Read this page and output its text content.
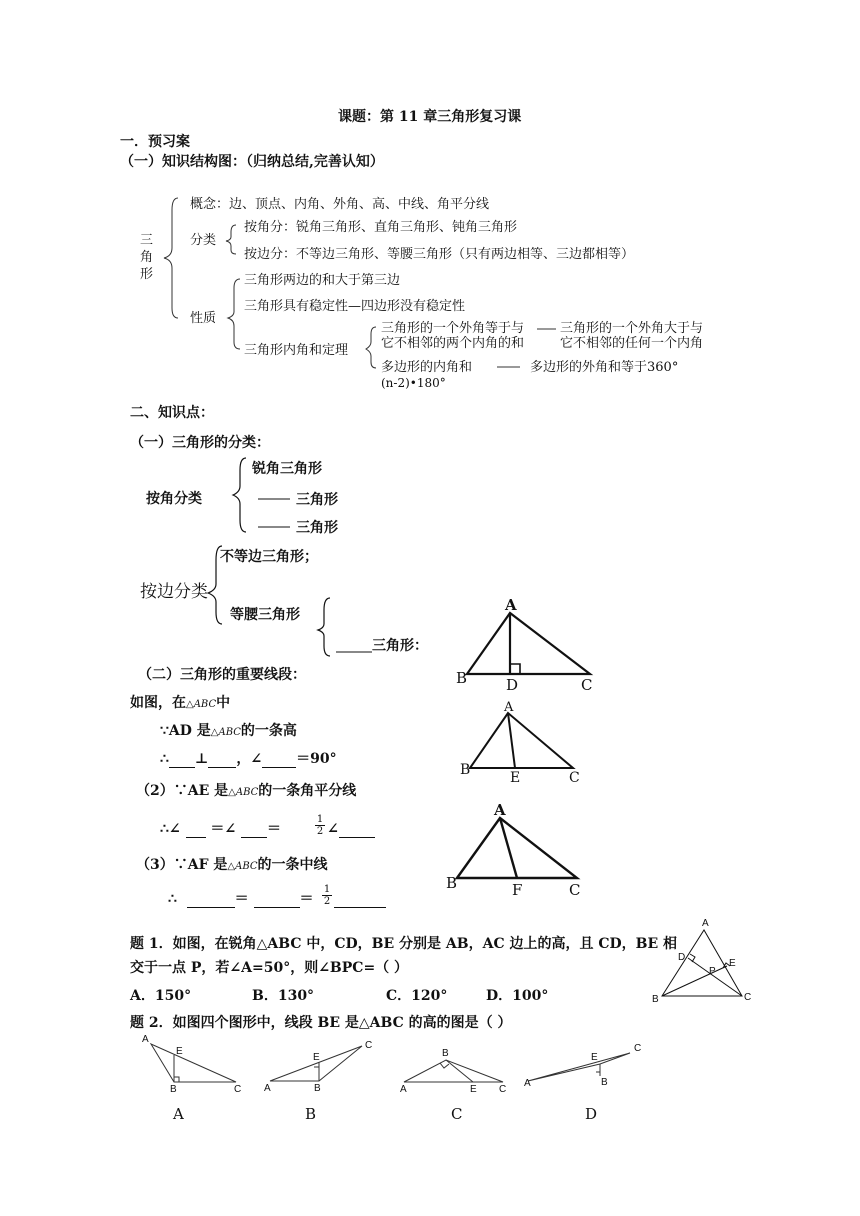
课题：第 11 章三角形复习课
一．预习案
（一）知识结构图：（归纳总结,完善认知）
三角形
概念：边、顶点、内角、外角、高、中线、角平分线
分类
按角分：锐角三角形、直角三角形、钝角三角形
按边分：不等边三角形、等腰三角形（只有两边相等、三边都相等）
性质
三角形两边的和大于第三边
三角形具有稳定性—四边形没有稳定性
三角形内角和定理
三角形的一个外角等于与
它不相邻的两个内角的和
三角形的一个外角大于与
它不相邻的任何一个内角
多边形的内角和
(n-2)•180°
多边形的外角和等于360°
二、知识点：
（一）三角形的分类：
按角分类
锐角三角形
三角形
三角形
按边分类
不等边三角形；
等腰三角形
三角形：
（二）三角形的重要线段：
如图，在△ABC中
∵AD 是△ABC的一条高
∴ ⊥ ，∠ ＝90°
（2）∵AE 是△ABC的一条角平分线
∴∠ ＝∠ ＝
1
2 ∠
（3）∵AF 是△ABC的一条中线
∴	＝	＝
1
2
题 1．如图，在锐角△ABC 中，CD，BE 分别是 AB，AC 边上的高，且 CD，BE 相
交于一点 P，若∠A=50°，则∠BPC=（ ）
A．150°	B．130°	C．120°	D．100°
题 2．如图四个图形中，线段 BE 是△ABC 的高的图是（ ）
A	B	C	D
A
B	D	C
A
B	E	C
A
B	F	C
A
D
E
P
B	C
A
E
B	C A
E
B
C
B
A	E C
A
E
B
C
